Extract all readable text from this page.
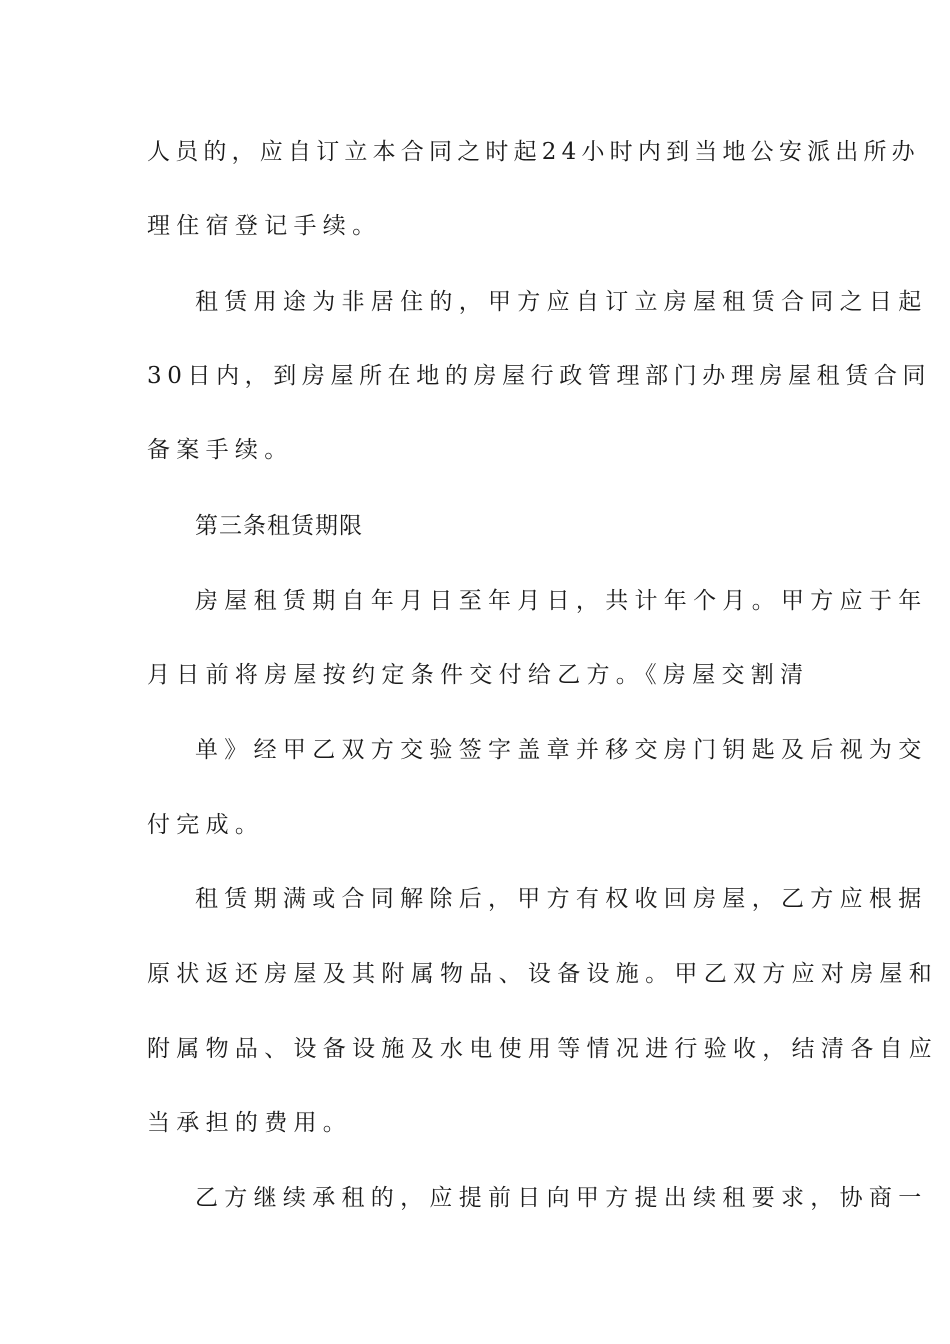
人员的，应自订立本合同之时起24小时内到当地公安派出所办
理住宿登记手续。
租赁用途为非居住的，甲方应自订立房屋租赁合同之日起
30日内，到房屋所在地的房屋行政管理部门办理房屋租赁合同
备案手续。
第三条租赁期限
房屋租赁期自年月日至年月日，共计年个月。甲方应于年
月日前将房屋按约定条件交付给乙方。《房屋交割清
单》经甲乙双方交验签字盖章并移交房门钥匙及后视为交
付完成。
租赁期满或合同解除后，甲方有权收回房屋，乙方应根据
原状返还房屋及其附属物品、设备设施。甲乙双方应对房屋和
附属物品、设备设施及水电使用等情况进行验收，结清各自应
当承担的费用。
乙方继续承租的，应提前日向甲方提出续租要求，协商一
